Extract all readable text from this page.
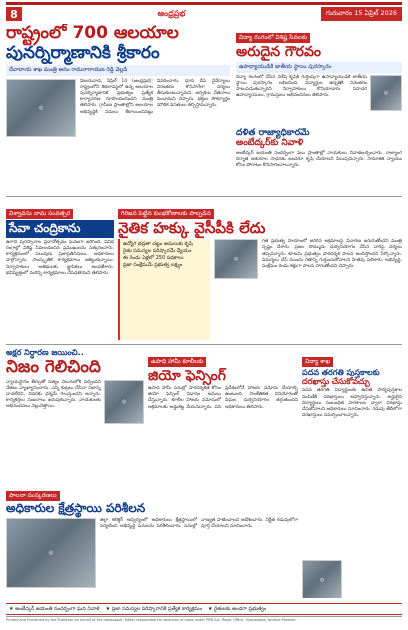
8	ఆంధ్రప్రభ	గురువారం 15 ఏప్రిల్ 2026
రాష్ట్రంలో 700 ఆలయాల
పునర్నిర్మాణానికి శ్రీకారం
దేవాదాయ శాఖ మంత్రి ఆనం రామనారాయణ రెడ్డి వెల్లడి
◎
విజయవాడ, ఏప్రిల్ 14 (ఆంధ్రప్రభ): రాష్ట్రంలోని శిథిలావస్థలో ఉన్న ఆలయాల పునర్నిర్మాణానికి ప్రభుత్వం ప్రత్యేక కార్యాచరణ రూపొందించిందని మంత్రి తెలిపారు. గ్రామీణ ప్రాంతాల్లోని ఆలయాల అభివృద్ధికి నిధులు కేటాయించినట్లు వివరించారు. ధూప దీప నైవేద్యాలు నిరంతరం కొనసాగేలా చర్యలు తీసుకుంటున్నామని, అర్చకుల వేతనాలు పెంచామని చెప్పారు. భక్తుల సౌకర్యార్థం మౌలిక వసతులు కల్పిస్తామన్నారు.
విద్యా రంగంలో విశిష్ట సేవలకు
అరుదైన గౌరవం
ఉపాధ్యాయుడికి జాతీయ స్థాయి పురస్కారం
విద్యా రంగంలో చేసిన విశేష కృషికి గుర్తింపుగా ఉపాధ్యాయుడికి జాతీయ స్థాయి పురస్కారం లభించింది. విద్యార్థుల ఉన్నతికి నిరంతరం పాటుపడుతున్నారని నిర్వాహకులు కొనియాడారు. సహచర ఉపాధ్యాయులు, గ్రామస్తులు అభినందనలు తెలిపారు.
◎
దళిత రాజ్యాధికారమే
అంబేద్కర్‌కు నివాళి
అంబేద్కర్ జయంతి సందర్భంగా పలు ప్రాంతాల్లో నాయకులు నివాళులర్పించారు. రాజ్యాంగ నిర్మాత ఆశయాల సాధనకు అందరూ కృషి చేయాలని పిలుపునిచ్చారు. సామాజిక న్యాయం కోసం పోరాటం కొనసాగించాలన్నారు.
విశ్వావసు నామ సంవత్సర
సేవా చంద్రికాను
ఉగాది పురస్కారాల ప్రదానోత్సవం ఘనంగా జరిగింది. వివిధ రంగాల్లో విశిష్ట సేవలందించిన ప్రముఖులను సత్కరించారు. కార్యక్రమంలో పలువురు ప్రజాప్రతినిధులు, అధికారులు పాల్గొన్నారు. సాంస్కృతిక కార్యక్రమాలు ఆకట్టుకున్నాయి. నిర్వాహకులు అతిథులకు జ్ఞాపికలు అందజేశారు. భవిష్యత్తులో మరిన్ని కార్యక్రమాలు చేపడతామని తెలిపారు.
గిరిజన పెట్టిన కుంభకోణాలకు పాల్పడిన
నైతిక హక్కు వైసీపీకి లేదు
ఉద్యోగ భద్రతా చట్టం అమలుకు కృషి
రైతు సమస్యల పరిష్కారమే ధ్యేయం
ఈ రెండు ఏళ్లలో 250 పథకాలు
ప్రజా సంక్షేమమే ప్రభుత్వ లక్ష్యం
◎
గత ప్రభుత్వ హయాంలో జరిగిన అక్రమాలపై విచారణ జరుగుతోందని మంత్రి స్పష్టం చేశారు. ప్రజల సొమ్మును దుర్వినియోగం చేసిన వారిపై చర్యలు తప్పవన్నారు. కూటమి ప్రభుత్వం పారదర్శక పాలన అందిస్తోందని పేర్కొన్నారు. విమర్శలు చేసే ముందు గతాన్ని గుర్తుంచుకోవాలని హితవు పలికారు. అభివృద్ధి, సంక్షేమం రెండు కళ్లుగా పాలన సాగుతోందని చెప్పారు.
అక్షర నిర్ధారణ జయించి..
నిజం గెలిచింది
న్యాయస్థానం తీర్పుతో సత్యం వెలుగులోకి వచ్చిందని నేతలు వ్యాఖ్యానించారు. ఎన్ని కుట్రలు చేసినా నిజాన్ని దాచలేరని, చివరకు ధర్మమే గెలుస్తుందని అన్నారు. కార్యకర్తలు సంబరాలు జరుపుకున్నారు. నాయకులకు అభినందనలు వెల్లువెత్తాయి.
◎
ఉపాధి హామీ కూలీలకు
జియో ఫెన్సింగ్
ఉపాధి హామీ పనుల్లో పారదర్శకత కోసం జియో ఫెన్సింగ్ విధానం అమలు చేస్తున్నారు. కూలీల హాజరు నమోదులో అక్రమాలకు అడ్డుకట్ట వేయనున్నారు. పని ప్రదేశంలోనే హాజరు నమోదు చేయాల్సి ఉంటుంది. సాంకేతికత వినియోగంతో నిధుల దుర్వినియోగం తగ్గుతుందని అధికారులు తెలిపారు.
విద్యా శాఖ
పదవ తరగతి పుస్తకాలకు
దరఖాస్తు చేసుకోవచ్చు
పదవ తరగతి విద్యార్థులకు ఉచిత పాఠ్యపుస్తకాల పంపిణీకి దరఖాస్తులు ఆహ్వానిస్తున్నారు. అర్హులైన విద్యార్థులు సంబంధిత పాఠశాలల ద్వారా దరఖాస్తు చేసుకోవాలని అధికారులు సూచించారు. గడువు తేదీలోగా దరఖాస్తులు సమర్పించాలన్నారు.
◎
పాలనా సంస్కరణలు
అధికారుల క్షేత్రస్థాయి పరిశీలన
◎
జిల్లా కలెక్టర్ ఆధ్వర్యంలో అధికారులు క్షేత్రస్థాయిలో పర్యటించి అభివృద్ధి పనులను పరిశీలించారు. పనుల్లో నాణ్యత పాటించాలని ఆదేశించారు. నిర్ణీత గడువులోగా పూర్తి చేయాలని సూచించారు.
★ అంబేద్కర్ జయంతి సందర్భంగా ఘన నివాళి ★ ప్రజా సమస్యల పరిష్కారానికి ప్రత్యేక కార్యక్రమం ★ రైతులకు అండగా ప్రభుత్వం
Printed and Published by the Publisher on behalf of the newspaper. Editor responsible for selection of news under PRB Act. Regd. Office: Vijayawada, Andhra Pradesh.
